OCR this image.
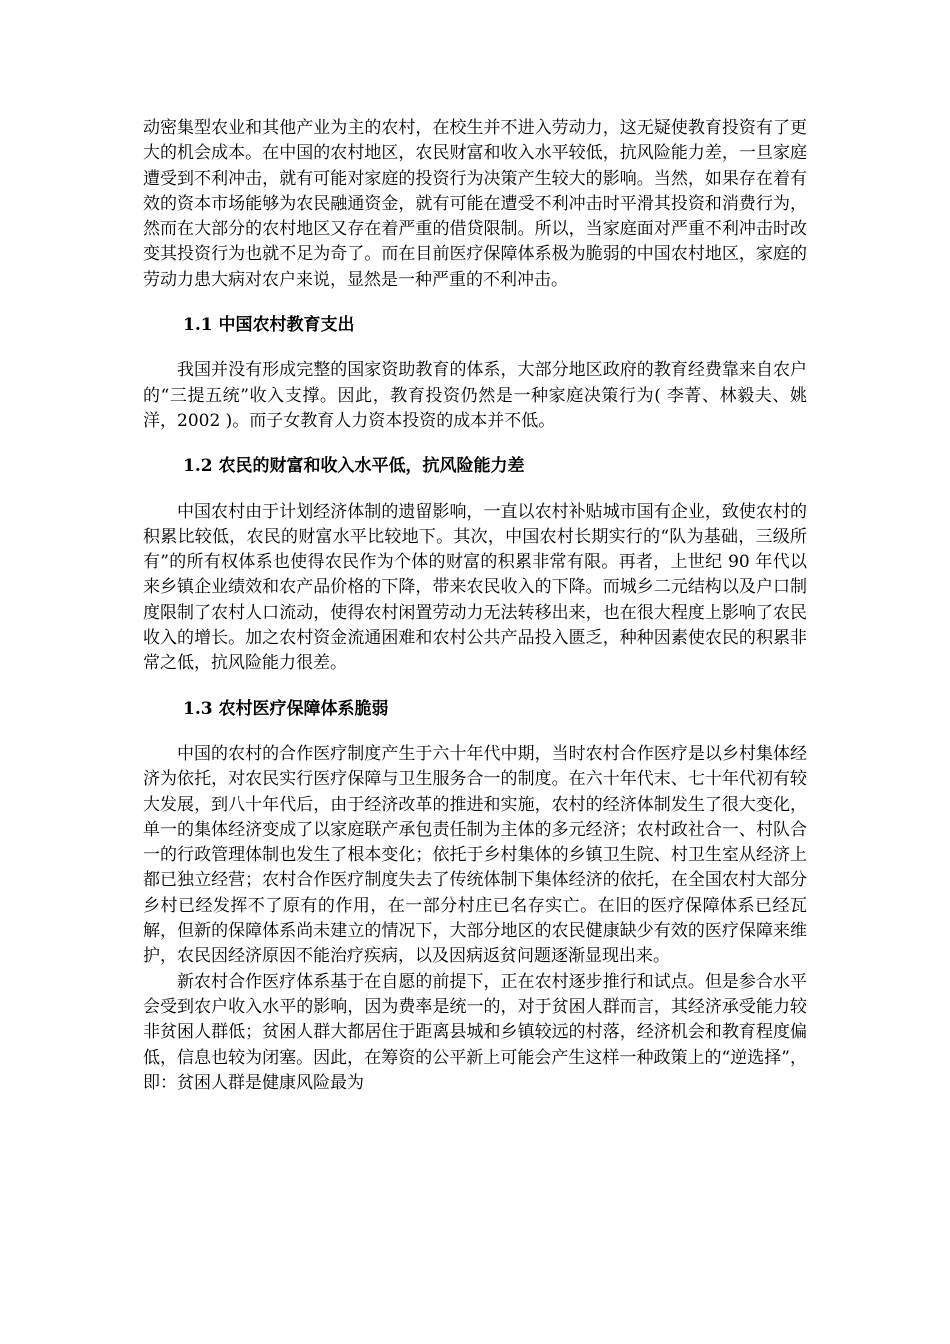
动密集型农业和其他产业为主的农村，在校生并不进入劳动力，这无疑使教育投资有了更大的机会成本。在中国的农村地区，农民财富和收入水平较低，抗风险能力差，一旦家庭遭受到不利冲击，就有可能对家庭的投资行为决策产生较大的影响。当然，如果存在着有效的资本市场能够为农民融通资金，就有可能在遭受不利冲击时平滑其投资和消费行为，然而在大部分的农村地区又存在着严重的借贷限制。所以，当家庭面对严重不利冲击时改变其投资行为也就不足为奇了。而在目前医疗保障体系极为脆弱的中国农村地区，家庭的劳动力患大病对农户来说，显然是一种严重的不利冲击。

1.1 中国农村教育支出

我国并没有形成完整的国家资助教育的体系，大部分地区政府的教育经费靠来自农户的“三提五统”收入支撑。因此，教育投资仍然是一种家庭决策行为( 李菁、林毅夫、姚洋，2002 )。而子女教育人力资本投资的成本并不低。

1.2 农民的财富和收入水平低，抗风险能力差

中国农村由于计划经济体制的遗留影响，一直以农村补贴城市国有企业，致使农村的积累比较低，农民的财富水平比较地下。其次，中国农村长期实行的“队为基础，三级所有”的所有权体系也使得农民作为个体的财富的积累非常有限。再者，上世纪 90 年代以来乡镇企业绩效和农产品价格的下降，带来农民收入的下降。而城乡二元结构以及户口制度限制了农村人口流动，使得农村闲置劳动力无法转移出来，也在很大程度上影响了农民收入的增长。加之农村资金流通困难和农村公共产品投入匮乏，种种因素使农民的积累非常之低，抗风险能力很差。

1.3 农村医疗保障体系脆弱

中国的农村的合作医疗制度产生于六十年代中期，当时农村合作医疗是以乡村集体经济为依托，对农民实行医疗保障与卫生服务合一的制度。在六十年代末、七十年代初有较大发展，到八十年代后，由于经济改革的推进和实施，农村的经济体制发生了很大变化，单一的集体经济变成了以家庭联产承包责任制为主体的多元经济；农村政社合一、村队合一的行政管理体制也发生了根本变化；依托于乡村集体的乡镇卫生院、村卫生室从经济上都已独立经营；农村合作医疗制度失去了传统体制下集体经济的依托，在全国农村大部分乡村已经发挥不了原有的作用，在一部分村庄已名存实亡。在旧的医疗保障体系已经瓦解，但新的保障体系尚未建立的情况下，大部分地区的农民健康缺少有效的医疗保障来维护，农民因经济原因不能治疗疾病，以及因病返贫问题逐渐显现出来。

新农村合作医疗体系基于在自愿的前提下，正在农村逐步推行和试点。但是参合水平会受到农户收入水平的影响，因为费率是统一的，对于贫困人群而言，其经济承受能力较非贫困人群低；贫困人群大都居住于距离县城和乡镇较远的村落，经济机会和教育程度偏低，信息也较为闭塞。因此，在筹资的公平新上可能会产生这样一种政策上的“逆选择”，即：贫困人群是健康风险最为
